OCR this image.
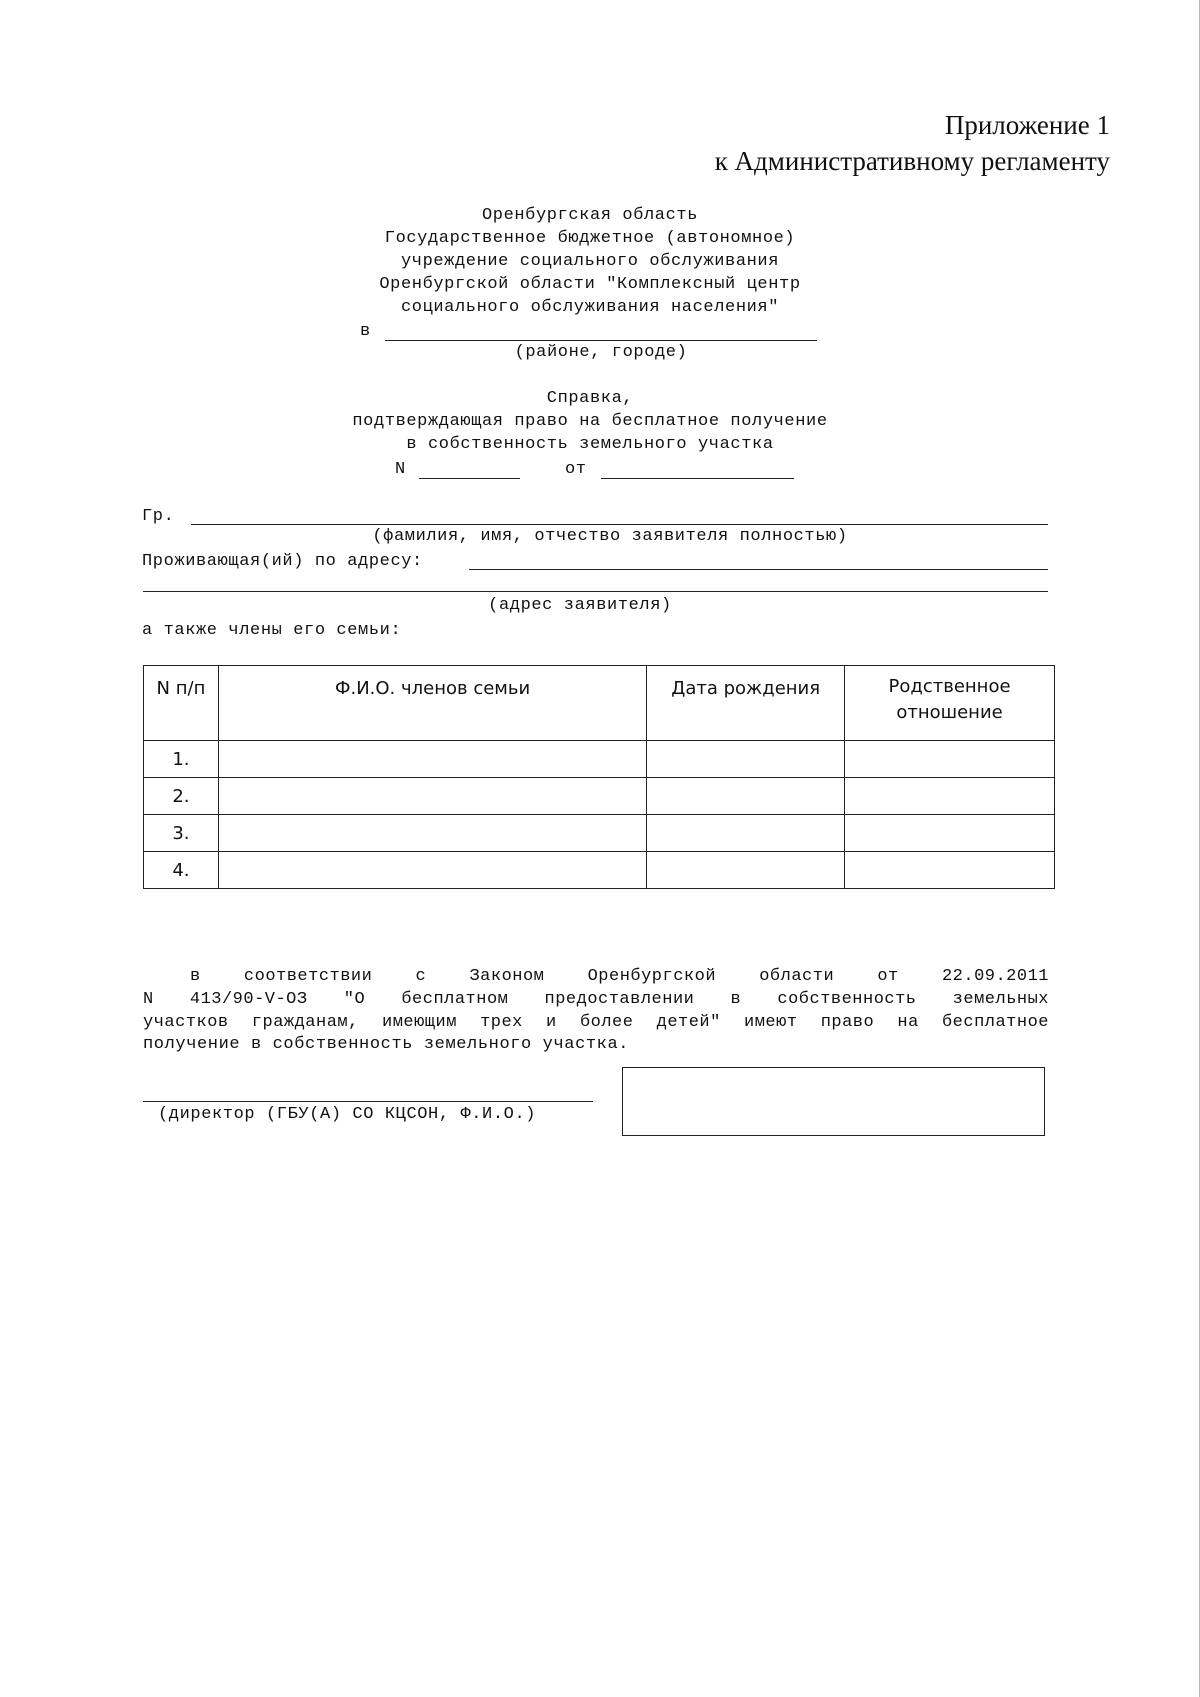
Приложение 1
к Административному регламенту
Оренбургская область
Государственное бюджетное (автономное)
учреждение социального обслуживания
Оренбургской области "Комплексный центр
социального обслуживания населения"
в
(районе, городе)
Справка,
подтверждающая право на бесплатное получение
в собственность земельного участка
N	от
Гр.
(фамилия, имя, отчество заявителя полностью)
Проживающая(ий) по адресу:
(адрес заявителя)
а также члены его семьи:
N п/п	Ф.И.О. членов семьи	Дата рождения	Родственное отношение
1.			
2.			
3.			
4.			
в соответствии с Законом Оренбургской области от 22.09.2011
N 413/90-V-ОЗ "О бесплатном предоставлении в собственность земельных
участков гражданам, имеющим трех и более детей" имеют право на бесплатное
получение в собственность земельного участка.
(директор (ГБУ(А) СО КЦСОН, Ф.И.О.)
